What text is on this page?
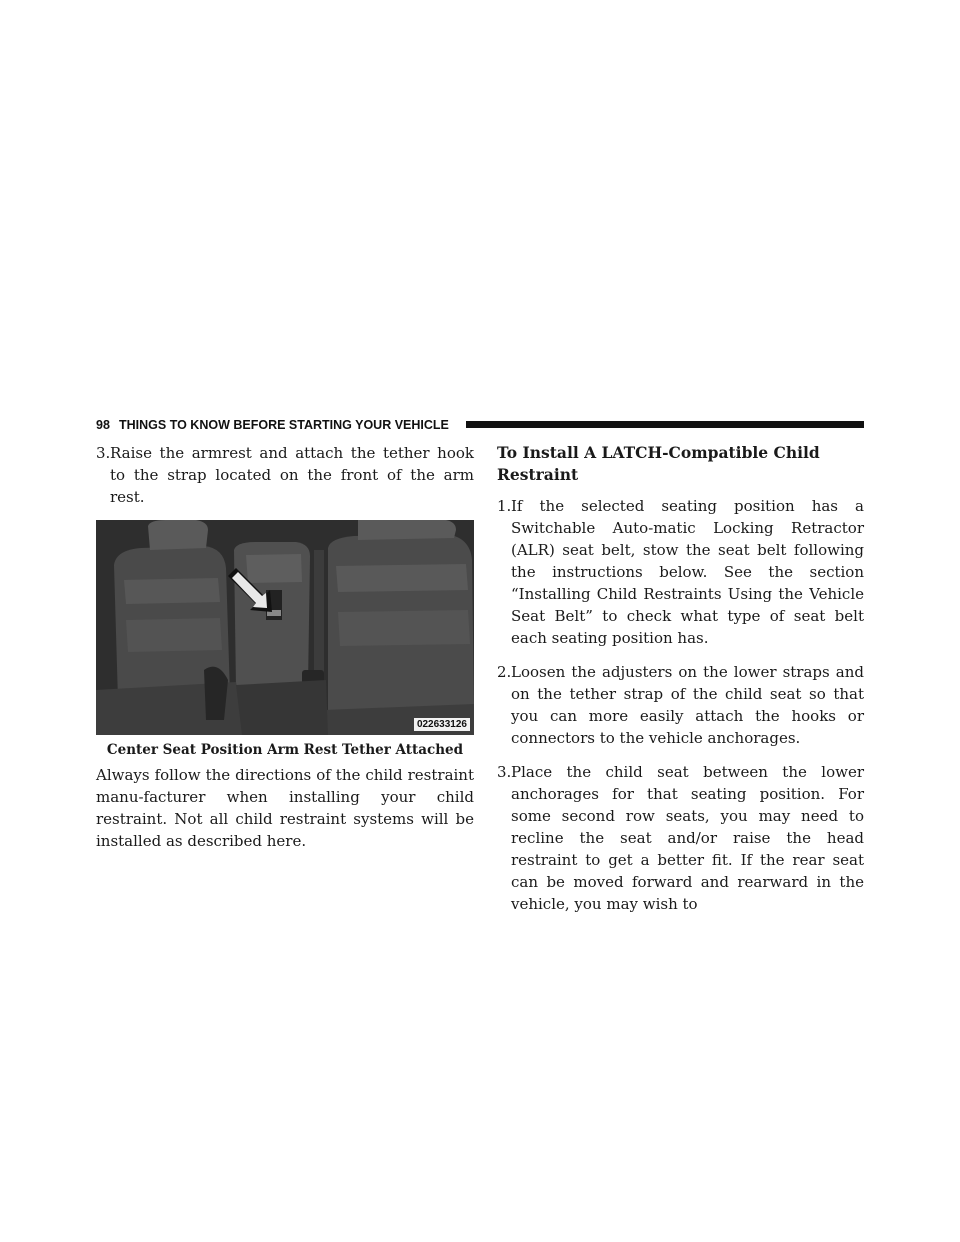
98 THINGS TO KNOW BEFORE STARTING YOUR VEHICLE

3.Raise the armrest and attach the tether hook to the strap located on the front of the arm rest.

022633126

Center Seat Position Arm Rest Tether Attached

Always follow the directions of the child restraint manu-facturer when installing your child restraint. Not all child restraint systems will be installed as described here.

To Install A LATCH-Compatible Child Restraint

1.If the selected seating position has a Switchable Auto-matic Locking Retractor (ALR) seat belt, stow the seat belt following the instructions below. See the section “Installing Child Restraints Using the Vehicle Seat Belt” to check what type of seat belt each seating position has.

2.Loosen the adjusters on the lower straps and on the tether strap of the child seat so that you can more easily attach the hooks or connectors to the vehicle anchorages.

3.Place the child seat between the lower anchorages for that seating position. For some second row seats, you may need to recline the seat and/or raise the head restraint to get a better fit. If the rear seat can be moved forward and rearward in the vehicle, you may wish to
